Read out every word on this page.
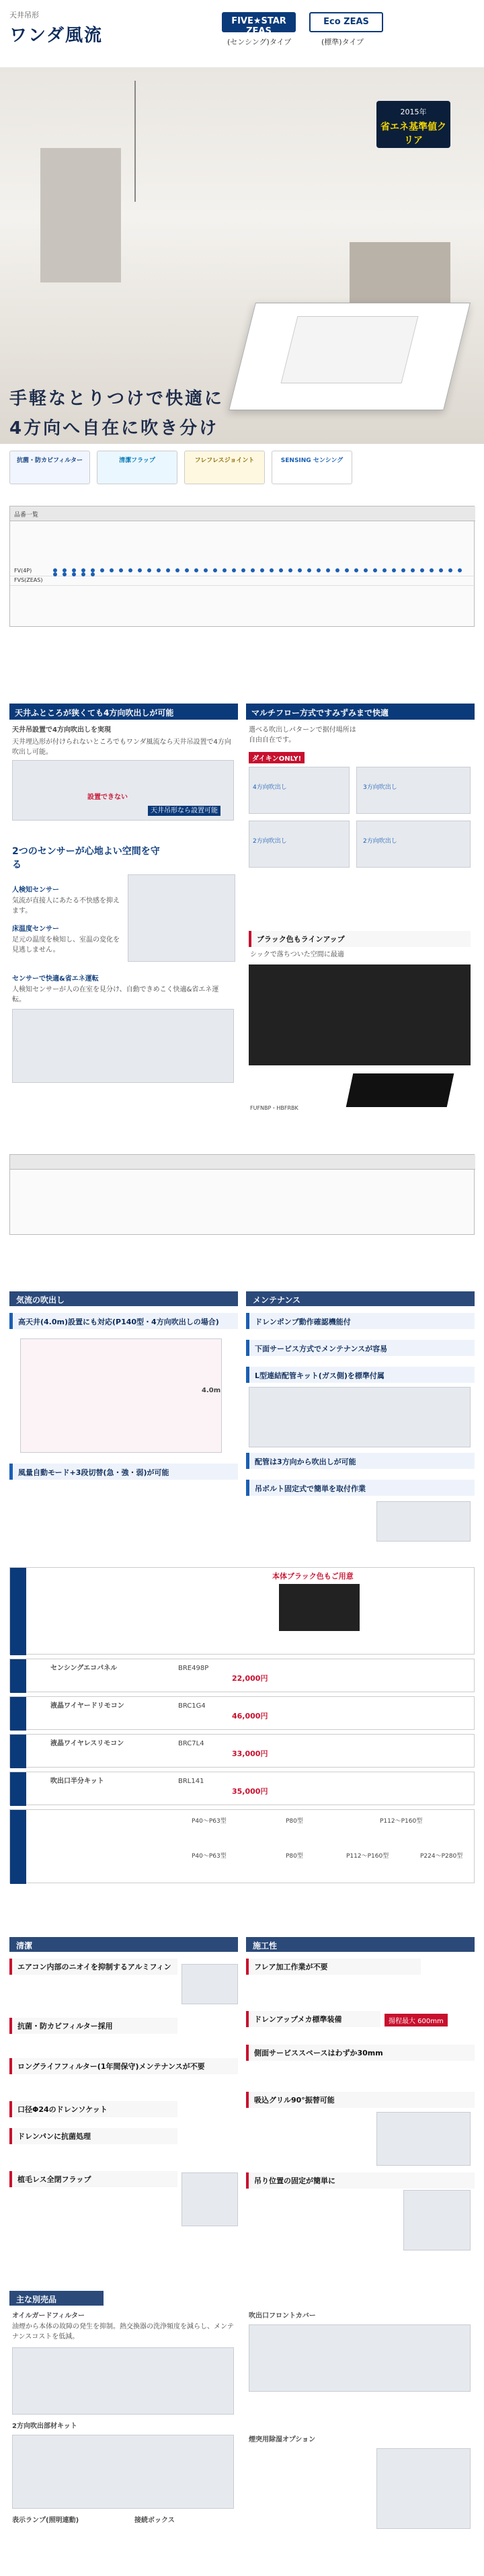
天井吊形
ワンダ風流
FIVE★STAR ZEAS
(センシング)タイプ
Eco ZEAS
(標準)タイプ
2015年
省エネ基準値クリア
手軽なとりつけで快適に
4方向へ自在に吹き分け
抗菌・防カビフィルター	清潔フラップ	フレフレスジョイント	SENSING センシング
品番一覧
FV(4P)
FVS(ZEAS)
天井ふところが狭くても4方向吹出しが可能
天井吊設置で4方向吹出しを実現
天井埋込形が付けられないところでもワンダ風流なら天井吊設置で4方向吹出し可能。
設置できない
天井吊形なら設置可能
マルチフロー方式ですみずみまで快適
選べる吹出しパターンで据付場所は自由自在です。
ダイキンONLY!
4方向吹出し	3方向吹出し
2方向吹出し	2方向吹出し
2つのセンサーが心地よい空間を守る
人検知センサー
気流が直接人にあたる不快感を抑えます。
床温度センサー
足元の温度を検知し、室温の変化を見逃しません。
センサーで快適&省エネ運転
人検知センサーが人の在室を見分け、自動できめこく快適&省エネ運転。
ブラック色もラインアップ
シックで落ちついた空間に最適
FUFNBP・HBFRBK
気流の吹出し	メンテナンス
高天井(4.0m)設置にも対応(P140型・4方向吹出しの場合)
4.0m
風量自動モード+3段切替(急・強・弱)が可能
ドレンポンプ動作確認機能付
下面サービス方式でメンテナンスが容易
L型連結配管キット(ガス側)を標準付属
配管は3方向から吹出しが可能
吊ボルト固定式で簡単を取付作業
本体ブラック色もご用意
センシングエコパネル	BRE498P
22,000円
液晶ワイヤードリモコン	BRC1G4
46,000円
液晶ワイヤレスリモコン	BRC7L4
33,000円
吹出口半分キット	BRL141
35,000円
P40〜P63型	P80型	P112〜P160型
P40〜P63型	P80型	P112〜P160型	P224〜P280型
清潔	施工性
エアコン内部のニオイを抑制するアルミフィン
抗菌・防カビフィルター採用
ロングライフフィルター(1年間保守)メンテナンスが不要
口径Φ24のドレンソケット
ドレンパンに抗菌処理
植毛レス全閉フラップ
フレア加工作業が不要
ドレンアップメカ標準装備	揚程最大 600mm
側面サービススペースはわずか30mm
吸込グリル90°振替可能
吊り位置の固定が簡単に
主な別売品
オイルガードフィルター
油煙から本体の故障の発生を抑制。熱交換器の洗浄頻度を減らし、メンテナンスコストを低減。
2方向吹出部材キット
表示ランプ(照明連動)	接続ボックス
吹出口フロントカバー
煙突用除湿オプション
